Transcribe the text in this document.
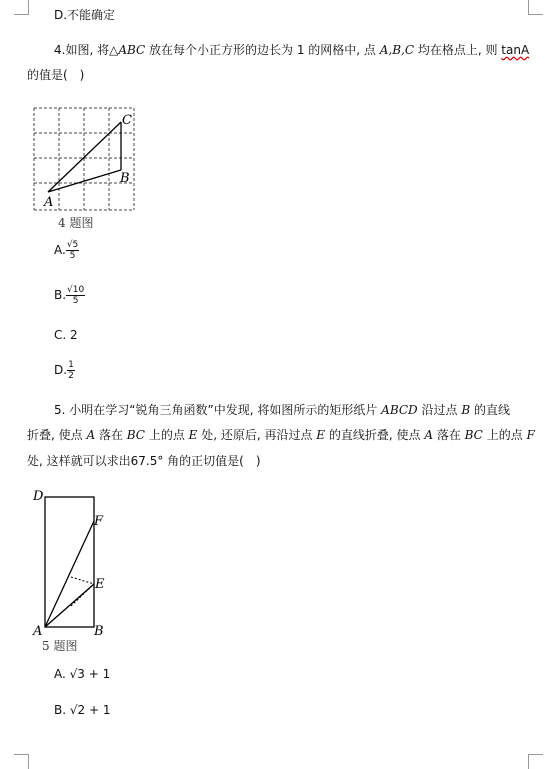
D.不能确定
4.如图, 将△ABC 放在每个小正方形的边长为 1 的网格中, 点 A,B,C 均在格点上, 则 tanA
的值是(　)
C
B
A
4 题图
A. $\frac{√5}{5}$
B. $\frac{√10}{5}$
C. 2
D. $\frac{1}{2}$
5. 小明在学习“锐角三角函数”中发现, 将如图所示的矩形纸片 ABCD 沿过点 B 的直线
折叠, 使点 A 落在 BC 上的点 E 处, 还原后, 再沿过点 E 的直线折叠, 使点 A 落在 BC 上的点 F
处, 这样就可以求出67.5° 角的正切值是(　)
D
F
E
A	B
5 题图
A. √3 + 1
B. √2 + 1
